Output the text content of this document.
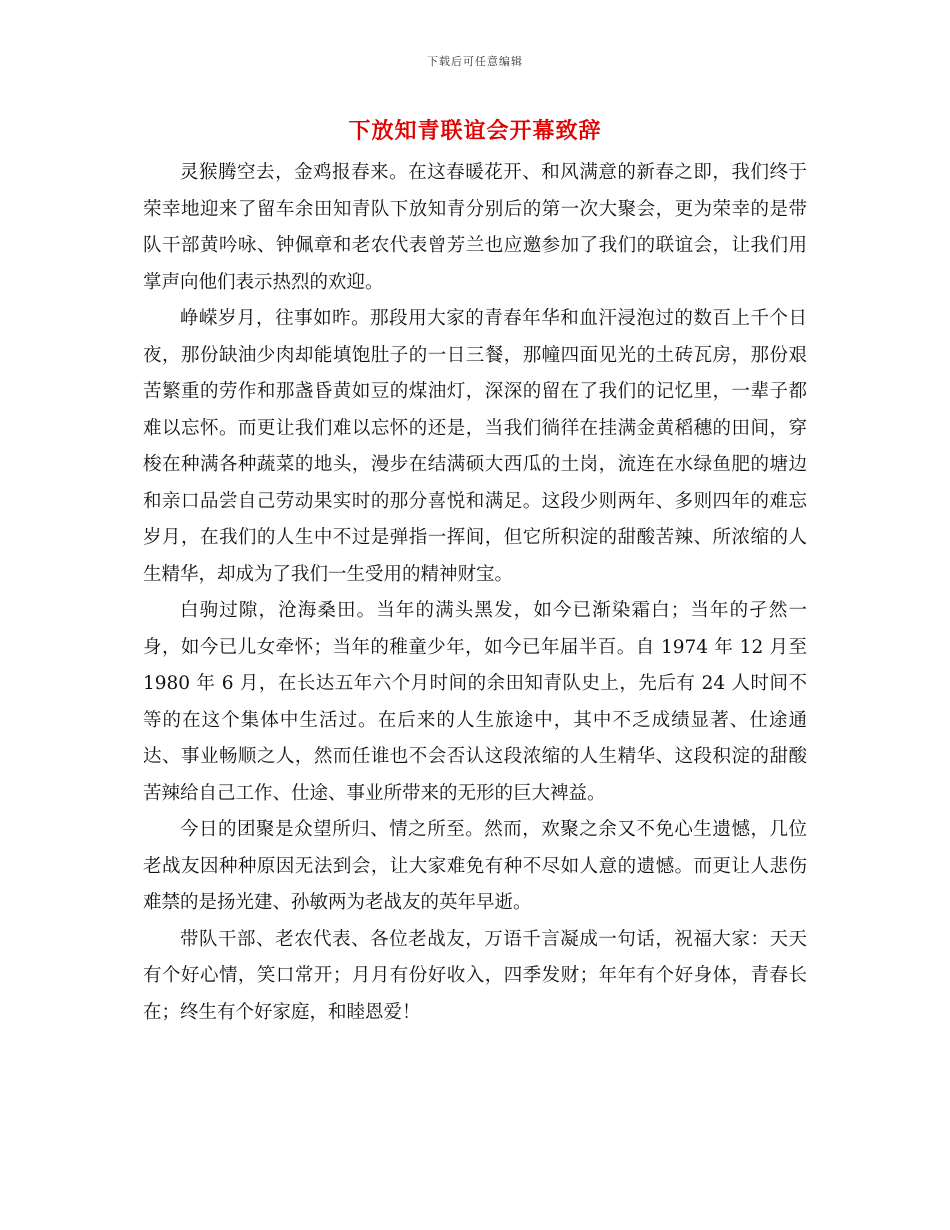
下载后可任意编辑
下放知青联谊会开幕致辞

灵猴腾空去，金鸡报春来。在这春暖花开、和风满意的新春之即，我们终于荣幸地迎来了留车余田知青队下放知青分别后的第一次大聚会，更为荣幸的是带队干部黄吟咏、钟佩章和老农代表曾芳兰也应邀参加了我们的联谊会，让我们用掌声向他们表示热烈的欢迎。

峥嵘岁月，往事如昨。那段用大家的青春年华和血汗浸泡过的数百上千个日夜，那份缺油少肉却能填饱肚子的一日三餐，那幢四面见光的土砖瓦房，那份艰苦繁重的劳作和那盏昏黄如豆的煤油灯，深深的留在了我们的记忆里，一辈子都难以忘怀。而更让我们难以忘怀的还是，当我们徜徉在挂满金黄稻穗的田间，穿梭在种满各种蔬菜的地头，漫步在结满硕大西瓜的土岗，流连在水绿鱼肥的塘边和亲口品尝自己劳动果实时的那分喜悦和满足。这段少则两年、多则四年的难忘岁月，在我们的人生中不过是弹指一挥间，但它所积淀的甜酸苦辣、所浓缩的人生精华，却成为了我们一生受用的精神财宝。

白驹过隙，沧海桑田。当年的满头黑发，如今已渐染霜白；当年的孑然一身，如今已儿女牵怀；当年的稚童少年，如今已年届半百。自 1974 年 12 月至 1980 年 6 月，在长达五年六个月时间的余田知青队史上，先后有 24 人时间不等的在这个集体中生活过。在后来的人生旅途中，其中不乏成绩显著、仕途通达、事业畅顺之人，然而任谁也不会否认这段浓缩的人生精华、这段积淀的甜酸苦辣给自己工作、仕途、事业所带来的无形的巨大裨益。

今日的团聚是众望所归、情之所至。然而，欢聚之余又不免心生遗憾，几位老战友因种种原因无法到会，让大家难免有种不尽如人意的遗憾。而更让人悲伤难禁的是扬光建、孙敏两为老战友的英年早逝。

带队干部、老农代表、各位老战友，万语千言凝成一句话，祝福大家：天天有个好心情，笑口常开；月月有份好收入，四季发财；年年有个好身体，青春长在；终生有个好家庭，和睦恩爱！
